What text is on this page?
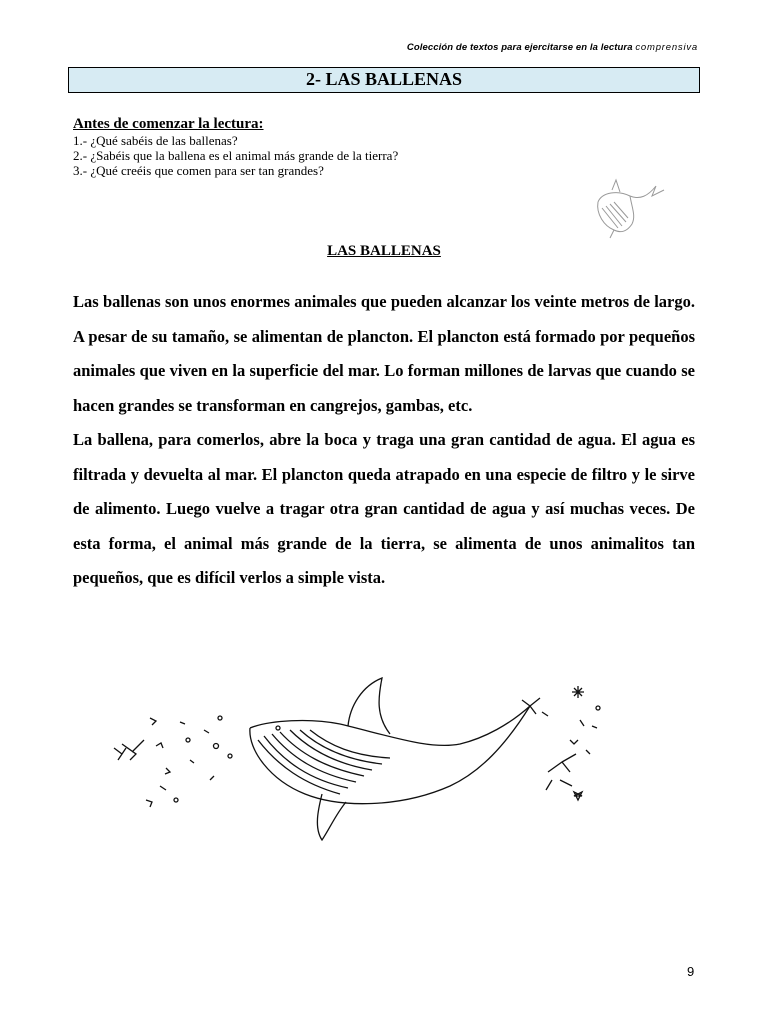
Colección de textos para ejercitarse en la lectura comprensiva
2- LAS BALLENAS
Antes de comenzar la lectura:
1.- ¿Qué sabéis de las ballenas?
2.- ¿Sabéis que la ballena es el animal más grande de la tierra?
3.- ¿Qué creéis que comen para ser tan grandes?
LAS BALLENAS

Las ballenas son unos enormes animales que pueden alcanzar los veinte metros de largo. A pesar de su tamaño, se alimentan de plancton. El plancton está formado por pequeños animales que viven en la superficie del mar. Lo forman millones de larvas que cuando se hacen grandes se transforman en cangrejos, gambas, etc.

La ballena, para comerlos, abre la boca y traga una gran cantidad de agua. El agua es filtrada y devuelta al mar. El plancton queda atrapado en una especie de filtro y le sirve de alimento. Luego vuelve a tragar otra gran cantidad de agua y así muchas veces. De esta forma, el animal más grande de la tierra, se alimenta de unos animalitos tan pequeños, que es difícil verlos a simple vista.

9
